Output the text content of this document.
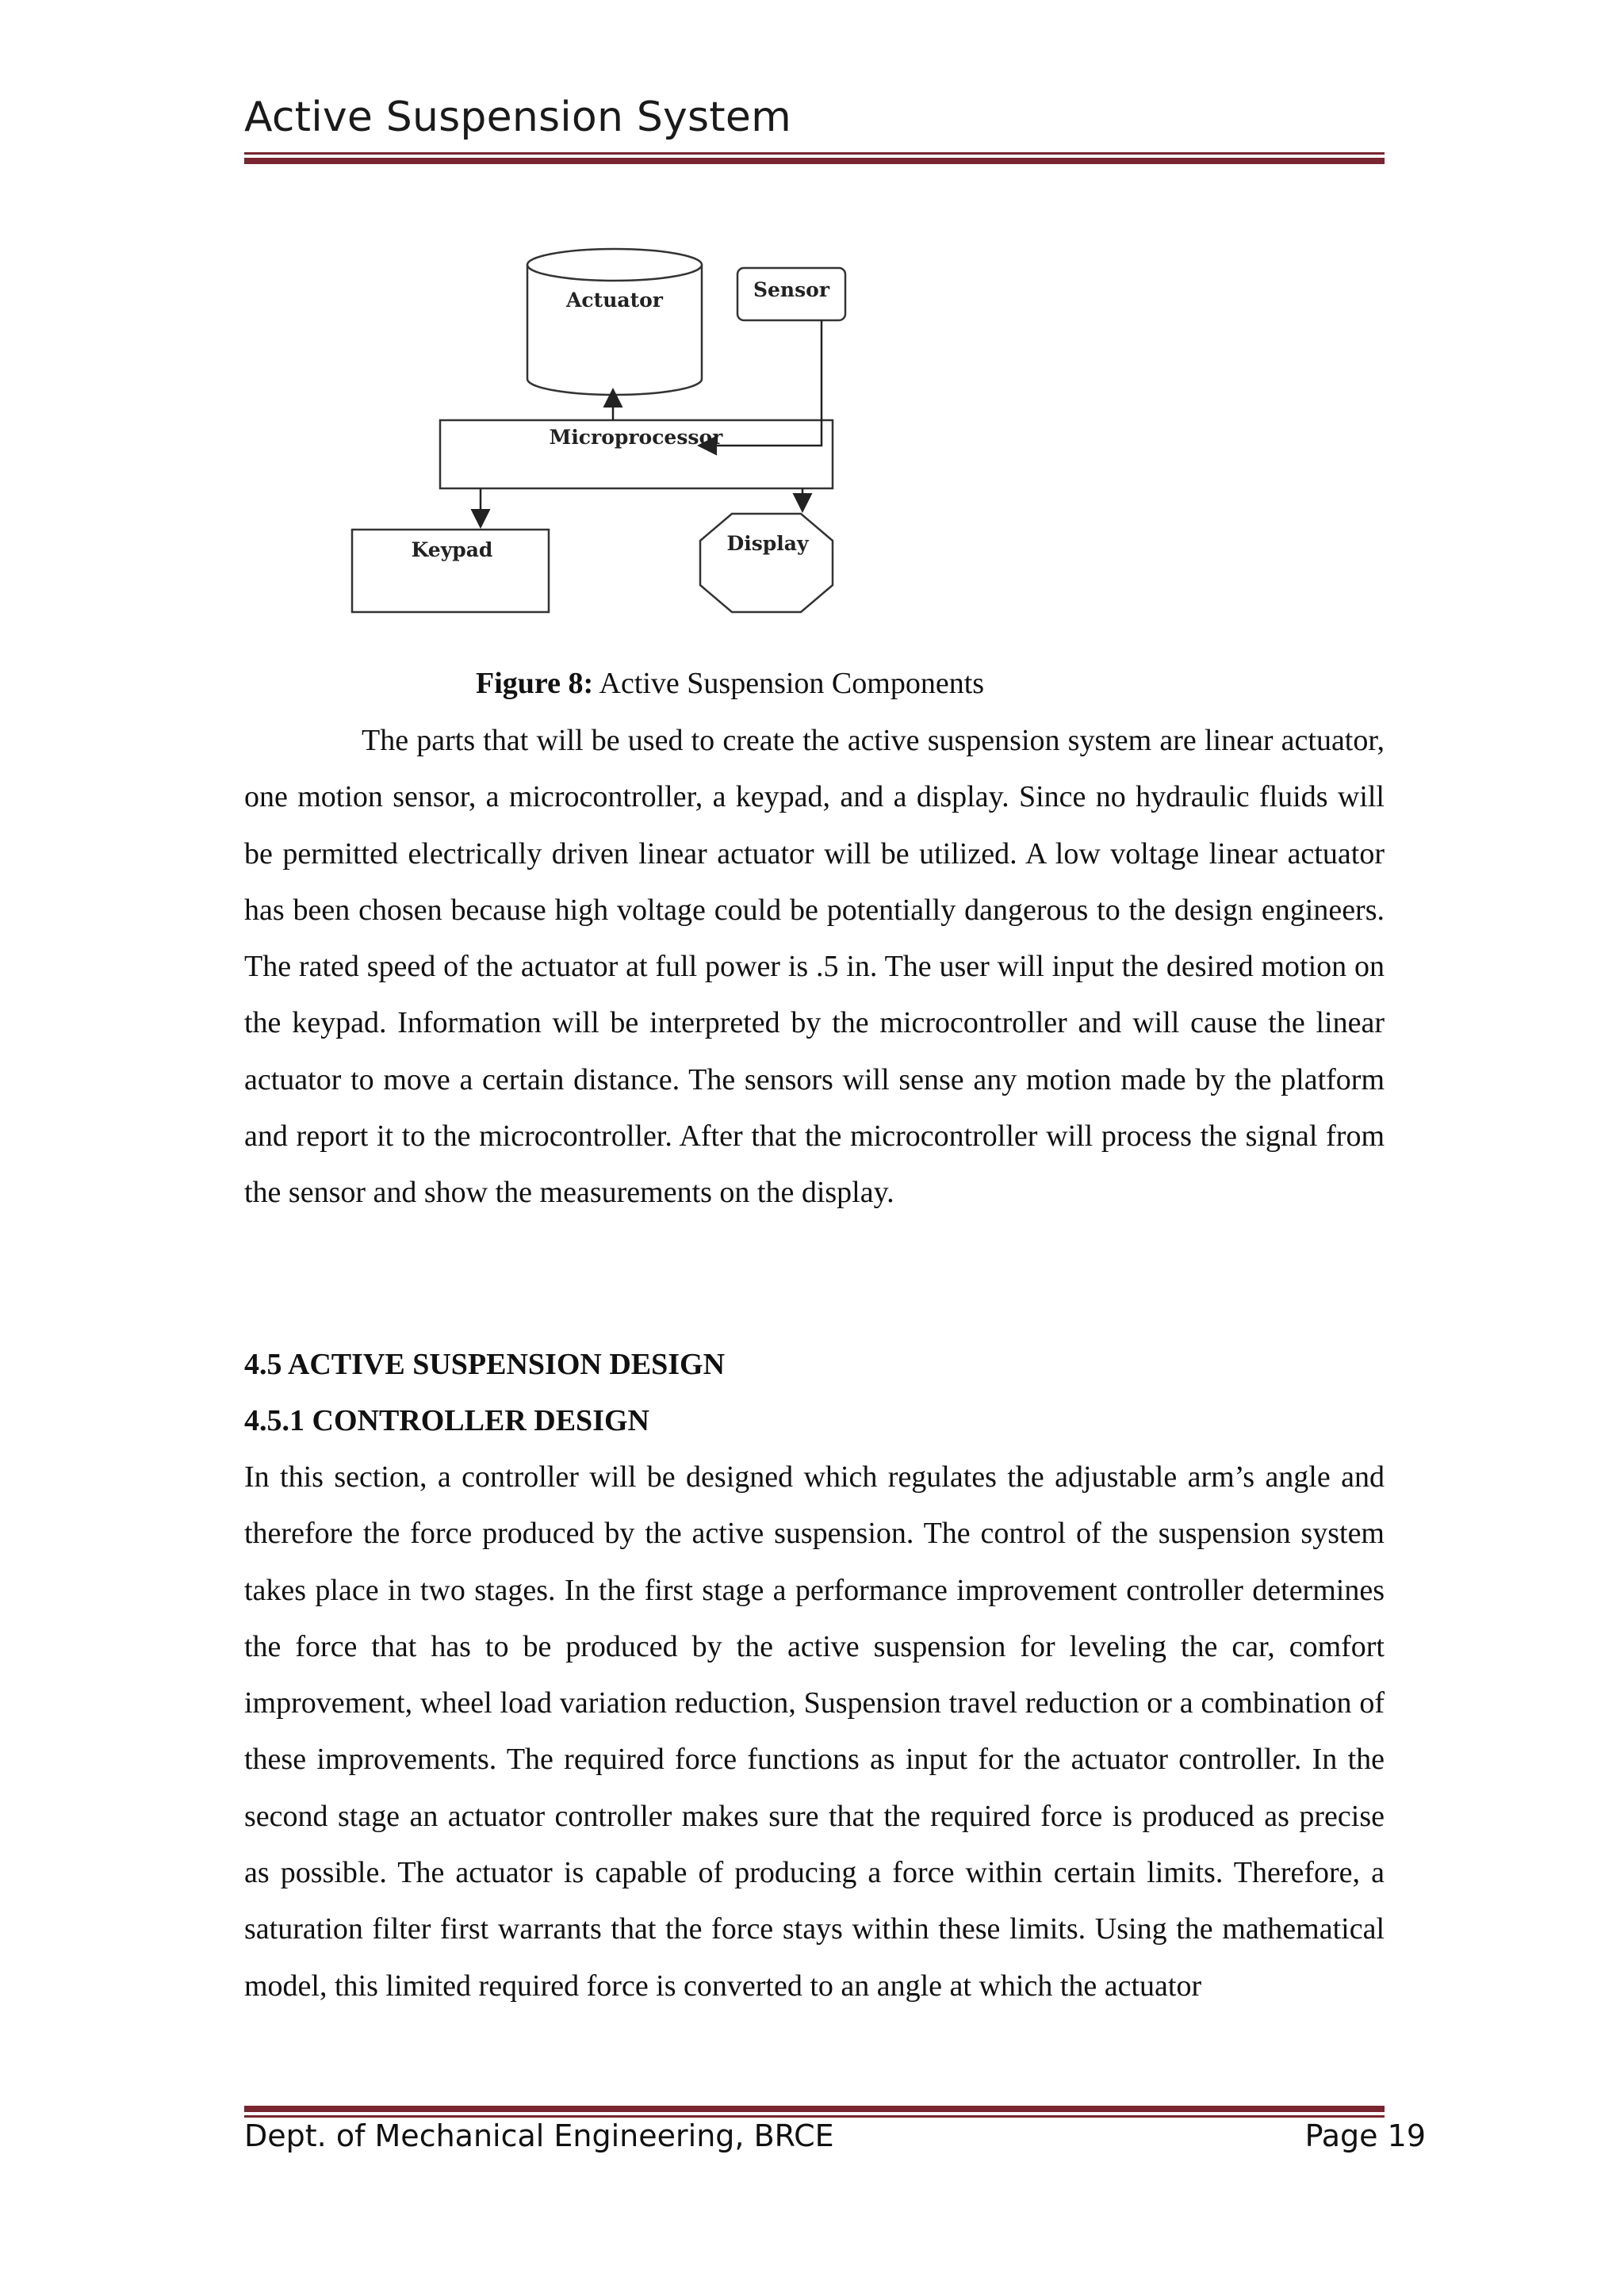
Active Suspension System
Actuator	Sensor
Microprocessor
Keypad	Display
Figure 8: Active Suspension Components

The parts that will be used to create the active suspension system are linear actuator, one motion sensor, a microcontroller, a keypad, and a display. Since no hydraulic fluids will be permitted electrically driven linear actuator will be utilized. A low voltage linear actuator has been chosen because high voltage could be potentially dangerous to the design engineers. The rated speed of the actuator at full power is .5 in. The user will input the desired motion on the keypad. Information will be interpreted by the microcontroller and will cause the linear actuator to move a certain distance. The sensors will sense any motion made by the platform and report it to the microcontroller. After that the microcontroller will process the signal from the sensor and show the measurements on the display.

4.5 ACTIVE SUSPENSION DESIGN

4.5.1 CONTROLLER DESIGN

In this section, a controller will be designed which regulates the adjustable arm’s angle and therefore the force produced by the active suspension. The control of the suspension system takes place in two stages. In the first stage a performance improvement controller determines the force that has to be produced by the active suspension for leveling the car, comfort improvement, wheel load variation reduction, Suspension travel reduction or a combination of these improvements. The required force functions as input for the actuator controller. In the second stage an actuator controller makes sure that the required force is produced as precise as possible. The actuator is capable of producing a force within certain limits. Therefore, a saturation filter first warrants that the force stays within these limits. Using the mathematical model, this limited required force is converted to an angle at which the actuator

Dept. of Mechanical Engineering, BRCE	Page 19
